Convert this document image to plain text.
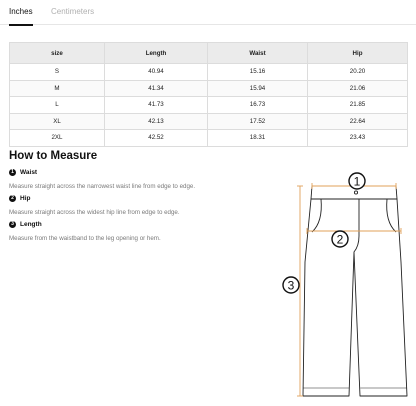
Inches Centimeters
size	Length	Waist	Hip
S	40.94	15.16	20.20
M	41.34	15.94	21.06
L	41.73	16.73	21.85
XL	42.13	17.52	22.64
2XL	42.52	18.31	23.43
How to Measure
1 Waist
Measure straight across the narrowest waist line from edge to edge.
2 Hip
Measure straight across the widest hip line from edge to edge.
3 Length
Measure from the waistband to the leg opening or hem.
1
2
3
